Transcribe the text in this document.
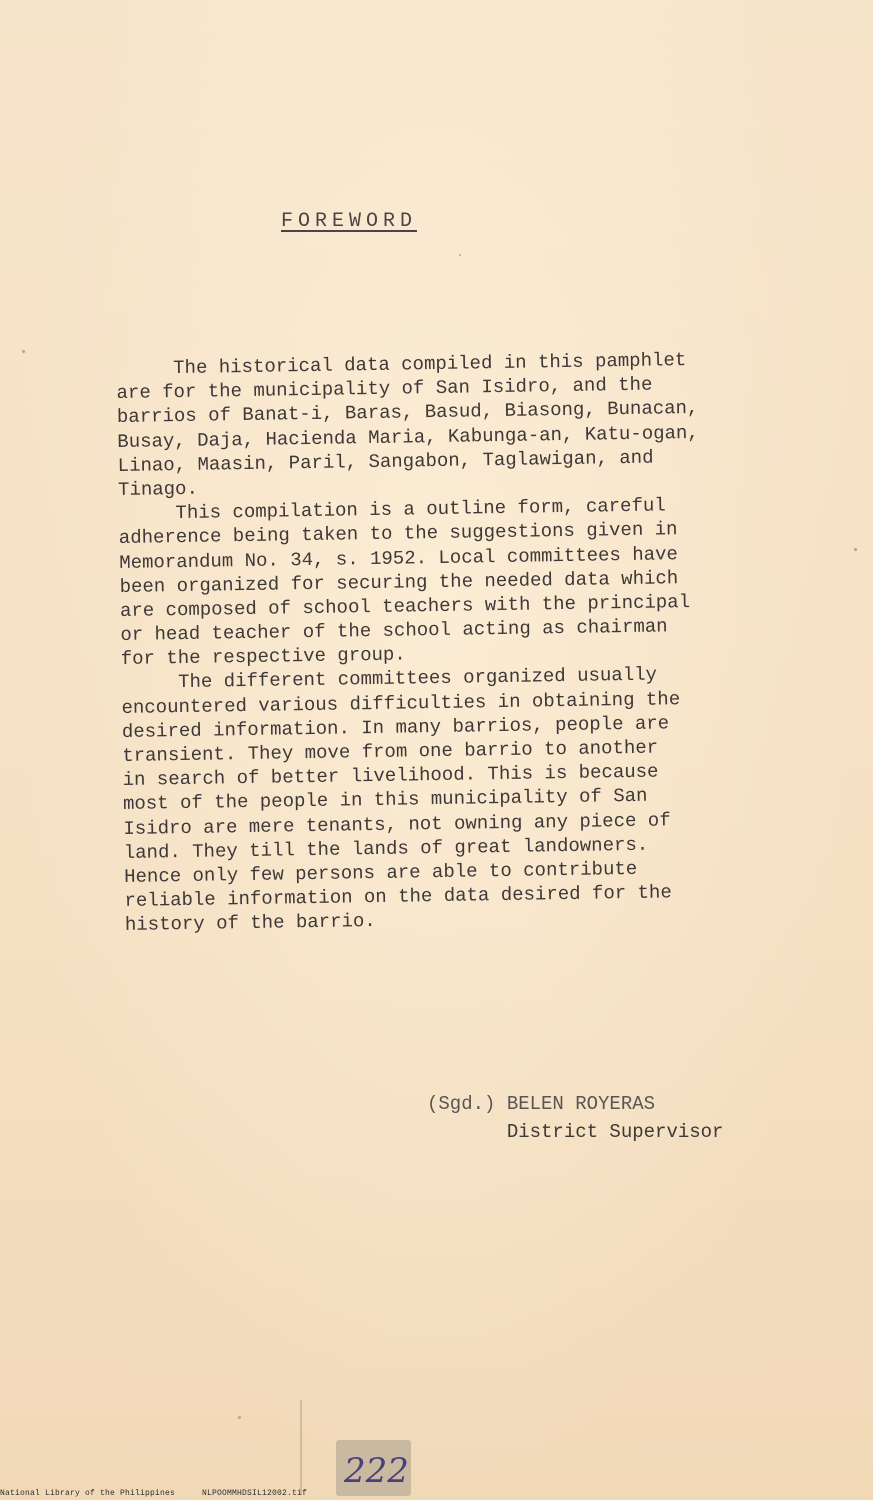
FOREWORD
The historical data compiled in this pamphlet
are for the municipality of San Isidro, and the
barrios of Banat-i, Baras, Basud, Biasong, Bunacan,
Busay, Daja, Hacienda Maria, Kabunga-an, Katu-ogan,
Linao, Maasin, Paril, Sangabon, Taglawigan, and
Tinago.
This compilation is a outline form, careful
adherence being taken to the suggestions given in
Memorandum No. 34, s. 1952. Local committees have
been organized for securing the needed data which
are composed of school teachers with the principal
or head teacher of the school acting as chairman
for the respective group.
The different committees organized usually
encountered various difficulties in obtaining the
desired information. In many barrios, people are
transient. They move from one barrio to another
in search of better livelihood. This is because
most of the people in this municipality of San
Isidro are mere tenants, not owning any piece of
land. They till the lands of great landowners.
Hence only few persons are able to contribute
reliable information on the data desired for the
history of the barrio.
(Sgd.) BELEN ROYERAS
District Supervisor
222
National Library of the Philippines	NLPOOMMHDSIL12002.tif
